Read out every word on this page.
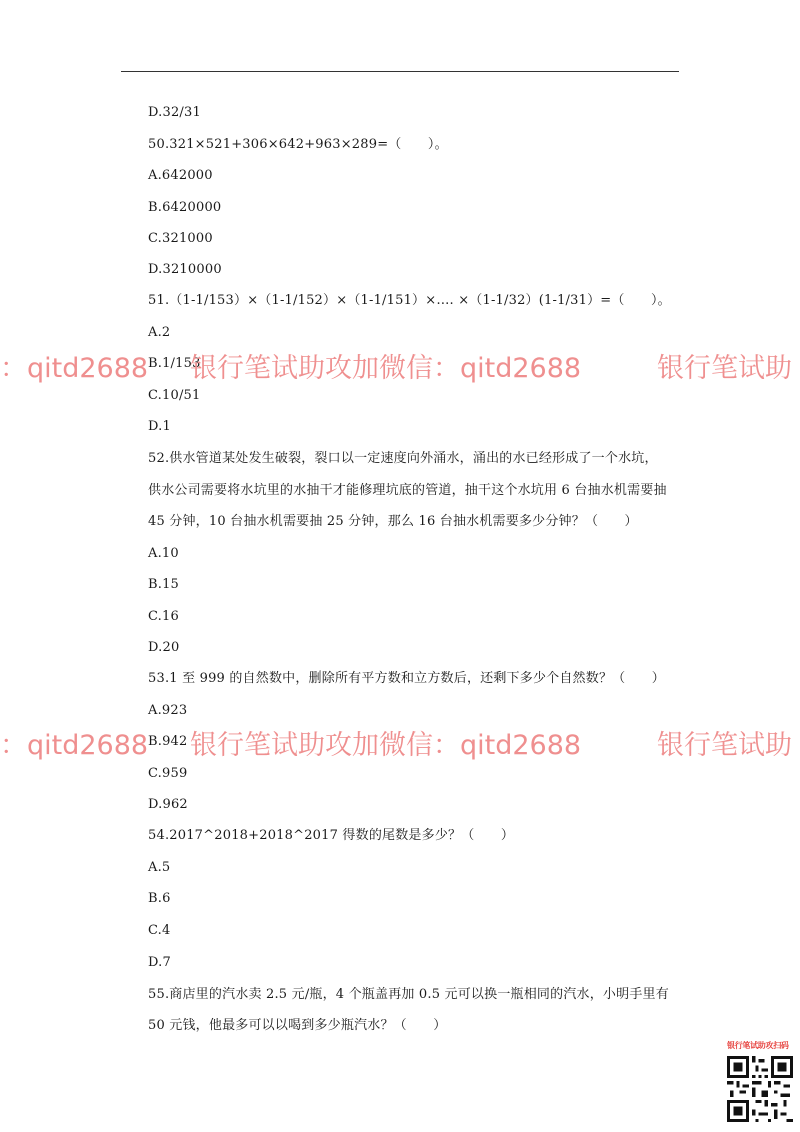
D.32/31
50.321×521+306×642+963×289=（　　）。
A.642000
B.6420000
C.321000
D.3210000
51.（1-1/153）×（1-1/152）×（1-1/151）×…. ×（1-1/32）(1-1/31）=（　　）。
A.2
B.1/153
C.10/51
D.1
52.供水管道某处发生破裂，裂口以一定速度向外涌水，涌出的水已经形成了一个水坑，
供水公司需要将水坑里的水抽干才能修理坑底的管道，抽干这个水坑用 6 台抽水机需要抽
45 分钟，10 台抽水机需要抽 25 分钟，那么 16 台抽水机需要多少分钟？（　　）
A.10
B.15
C.16
D.20
53.1 至 999 的自然数中，删除所有平方数和立方数后，还剩下多少个自然数？（　　）
A.923
B.942
C.959
D.962
54.2017^2018+2018^2017 得数的尾数是多少？（　　）
A.5
B.6
C.4
D.7
55.商店里的汽水卖 2.5 元/瓶，4 个瓶盖再加 0.5 元可以换一瓶相同的汽水，小明手里有
50 元钱，他最多可以以喝到多少瓶汽水？（　　）
：qitd2688 银行笔试助攻加微信：qitd2688	银行笔试助
：qitd2688 银行笔试助攻加微信：qitd2688	银行笔试助
银行笔试助攻扫码
